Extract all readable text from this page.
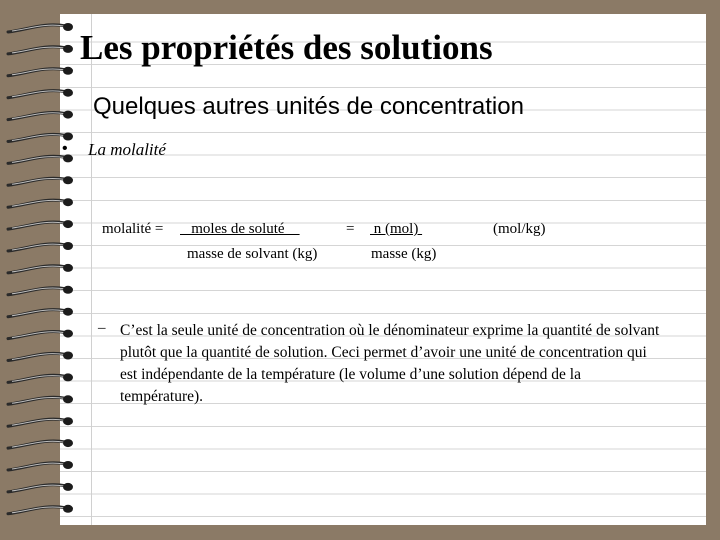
Les propriétés des solutions
Quelques autres unités de concentration
• La molalité
molalité = moles de soluté	= n (mol)	(mol/kg)
masse de solvant (kg)	masse (kg)
– C’est la seule unité de concentration où le dénominateur exprime la quantité de solvant plutôt que la quantité de solution. Ceci permet d’avoir une unité de concentration qui est indépendante de la température (le volume d’une solution dépend de la température).
